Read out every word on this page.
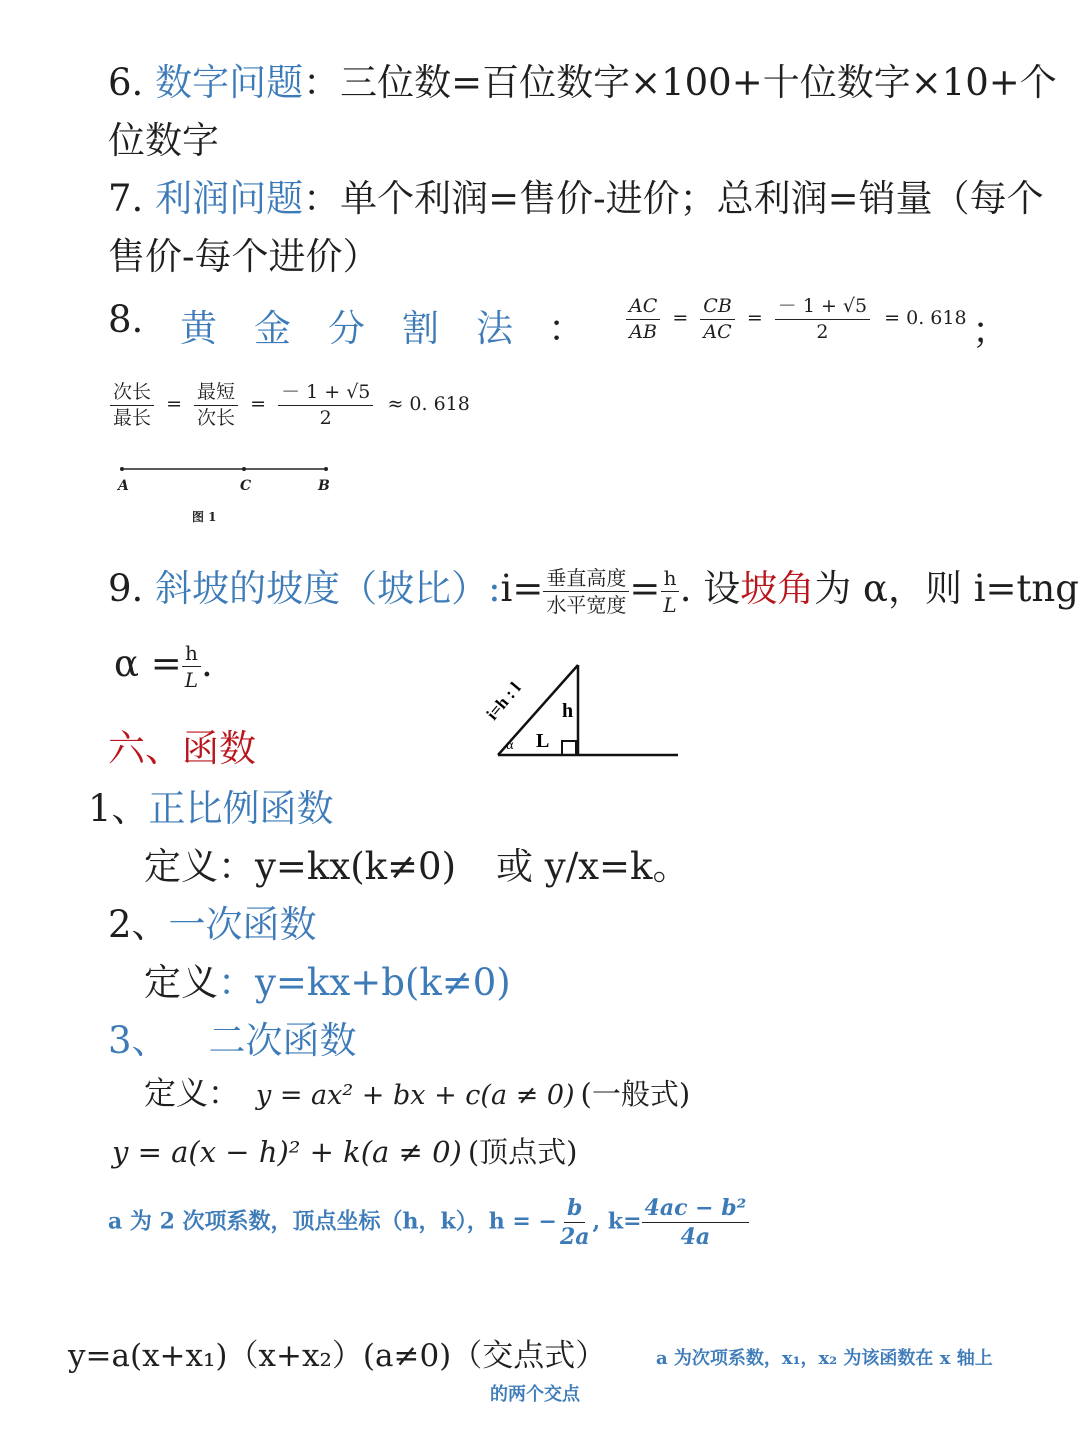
6. 数字问题：三位数=百位数字×100+十位数字×10+个
位数字
7. 利润问题：单个利润=售价-进价；总利润=销量（每个
售价-每个进价）
8. 黄 金 分 割 法 ： $\frac{AC}{AB} = \frac{CB}{AC} = \frac{- 1 + √5}{2} = 0$. 618 ；
$\frac{\text{次长}}{\text{最长}} = \frac{\text{最短}}{\text{次长}} = \frac{- 1 + √5}{2} \approx 0$. 618
A	C	B
图 1
9. 斜坡的坡度（坡比）:i= $\frac{\text{垂直高度}}{\text{水平宽度}} = \frac{h}{L}$ . 设坡角为 α，则 i=tng
$\alpha = \frac{h}{L}$ .
h
L
α
i=h : l
六、函数
1、正比例函数
定义：y=kx(k≠0) 或 y/x=k。
2、一次函数
定义：y=kx+b(k≠0)
3、 二次函数
定义： y = ax² + bx + c(a ≠ 0) (一般式)
y = a(x − h)² + k(a ≠ 0) (顶点式)
a 为 2 次项系数，顶点坐标（h，k），h = − $\frac{b}{2a}$ , $k= \frac{\text{4ac − b²}}{4a}$
y=a(x+x₁)（x+x₂）(a≠0)（交点式）	a 为次项系数，x₁，x₂ 为该函数在 x 轴上
的两个交点
